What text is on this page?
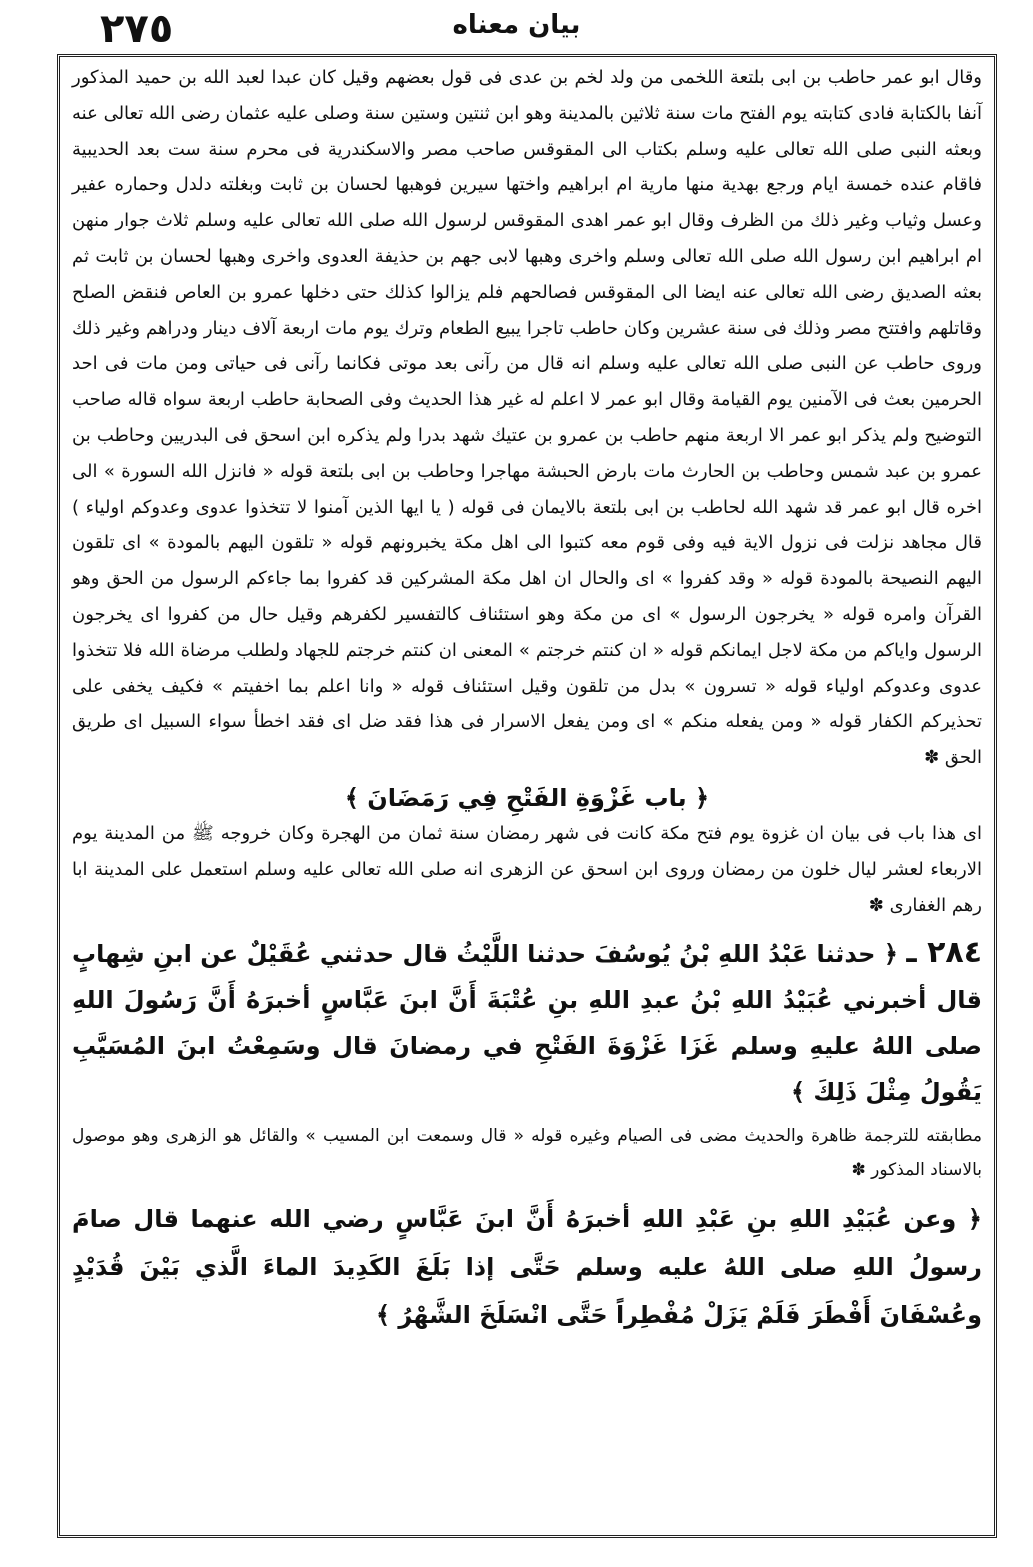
٢٧٥	بيان معناه

وقال ابو عمر حاطب بن ابى بلتعة اللخمى من ولد لخم بن عدى فى قول بعضهم وقيل كان عبدا لعبد الله بن حميد المذكور آنفا بالكتابة فادى كتابته يوم الفتح مات سنة ثلاثين بالمدينة وهو ابن ثنتين وستين سنة وصلى عليه عثمان رضى الله تعالى عنه وبعثه النبى صلى الله تعالى عليه وسلم بكتاب الى المقوقس صاحب مصر والاسكندرية فى محرم سنة ست بعد الحديبية فاقام عنده خمسة ايام ورجع بهدية منها مارية ام ابراهيم واختها سيرين فوهبها لحسان بن ثابت وبغلته دلدل وحماره عفير وعسل وثياب وغير ذلك من الظرف وقال ابو عمر اهدى المقوقس لرسول الله صلى الله تعالى عليه وسلم ثلاث جوار منهن ام ابراهيم ابن رسول الله صلى الله تعالى وسلم واخرى وهبها لابى جهم بن حذيفة العدوى واخرى وهبها لحسان بن ثابت ثم بعثه الصديق رضى الله تعالى عنه ايضا الى المقوقس فصالحهم فلم يزالوا كذلك حتى دخلها عمرو بن العاص فنقض الصلح وقاتلهم وافتتح مصر وذلك فى سنة عشرين وكان حاطب تاجرا يبيع الطعام وترك يوم مات اربعة آلاف دينار ودراهم وغير ذلك وروى حاطب عن النبى صلى الله تعالى عليه وسلم انه قال من رآنى بعد موتى فكانما رآنى فى حياتى ومن مات فى احد الحرمين بعث فى الآمنين يوم القيامة وقال ابو عمر لا اعلم له غير هذا الحديث وفى الصحابة حاطب اربعة سواه قاله صاحب التوضيح ولم يذكر ابو عمر الا اربعة منهم حاطب بن عمرو بن عتيك شهد بدرا ولم يذكره ابن اسحق فى البدريين وحاطب بن عمرو بن عبد شمس وحاطب بن الحارث مات بارض الحبشة مهاجرا وحاطب بن ابى بلتعة قوله « فانزل الله السورة » الى اخره قال ابو عمر قد شهد الله لحاطب بن ابى بلتعة بالايمان فى قوله ( يا ايها الذين آمنوا لا تتخذوا عدوى وعدوكم اولياء ) قال مجاهد نزلت فى نزول الاية فيه وفى قوم معه كتبوا الى اهل مكة يخبرونهم قوله « تلقون اليهم بالمودة » اى تلقون اليهم النصيحة بالمودة قوله « وقد كفروا » اى والحال ان اهل مكة المشركين قد كفروا بما جاءكم الرسول من الحق وهو القرآن وامره قوله « يخرجون الرسول » اى من مكة وهو استئناف كالتفسير لكفرهم وقيل حال من كفروا اى يخرجون الرسول واياكم من مكة لاجل ايمانكم قوله « ان كنتم خرجتم » المعنى ان كنتم خرجتم للجهاد ولطلب مرضاة الله فلا تتخذوا عدوى وعدوكم اولياء قوله « تسرون » بدل من تلقون وقيل استئناف قوله « وانا اعلم بما اخفيتم » فكيف يخفى على تحذيركم الكفار قوله « ومن يفعله منكم » اى ومن يفعل الاسرار فى هذا فقد ضل اى فقد اخطأ سواء السبيل اى طريق الحق ✽

﴿ باب غَزْوَةِ الفَتْحِ فِي رَمَضَانَ ﴾

اى هذا باب فى بيان ان غزوة يوم فتح مكة كانت فى شهر رمضان سنة ثمان من الهجرة وكان خروجه ﷺ من المدينة يوم الاربعاء لعشر ليال خلون من رمضان وروى ابن اسحق عن الزهرى انه صلى الله تعالى عليه وسلم استعمل على المدينة ابا رهم الغفارى ✽

٢٨٤ ـ ﴿ حدثنا عَبْدُ اللهِ بْنُ يُوسُفَ حدثنا اللَّيْثُ قال حدثني عُقَيْلٌ عن ابنِ شِهابٍ قال أخبرني عُبَيْدُ اللهِ بْنُ عبدِ اللهِ بنِ عُتْبَةَ أَنَّ ابنَ عَبَّاسٍ أخبرَهُ أَنَّ رَسُولَ اللهِ صلى اللهُ عليهِ وسلم غَزَا غَزْوَةَ الفَتْحِ في رمضانَ قال وسَمِعْتُ ابنَ المُسَيَّبِ يَقُولُ مِثْلَ ذَلِكَ ﴾

مطابقته للترجمة ظاهرة والحديث مضى فى الصيام وغيره قوله « قال وسمعت ابن المسيب » والقائل هو الزهرى وهو موصول بالاسناد المذكور ✽

﴿ وعن عُبَيْدِ اللهِ بنِ عَبْدِ اللهِ أخبرَهُ أَنَّ ابنَ عَبَّاسٍ رضي الله عنهما قال صامَ رسولُ اللهِ صلى اللهُ عليه وسلم حَتَّى إذا بَلَغَ الكَدِيدَ الماءَ الَّذي بَيْنَ قُدَيْدٍ وعُسْفَانَ أَفْطَرَ فَلَمْ يَزَلْ مُفْطِراً حَتَّى انْسَلَخَ الشَّهْرُ ﴾
